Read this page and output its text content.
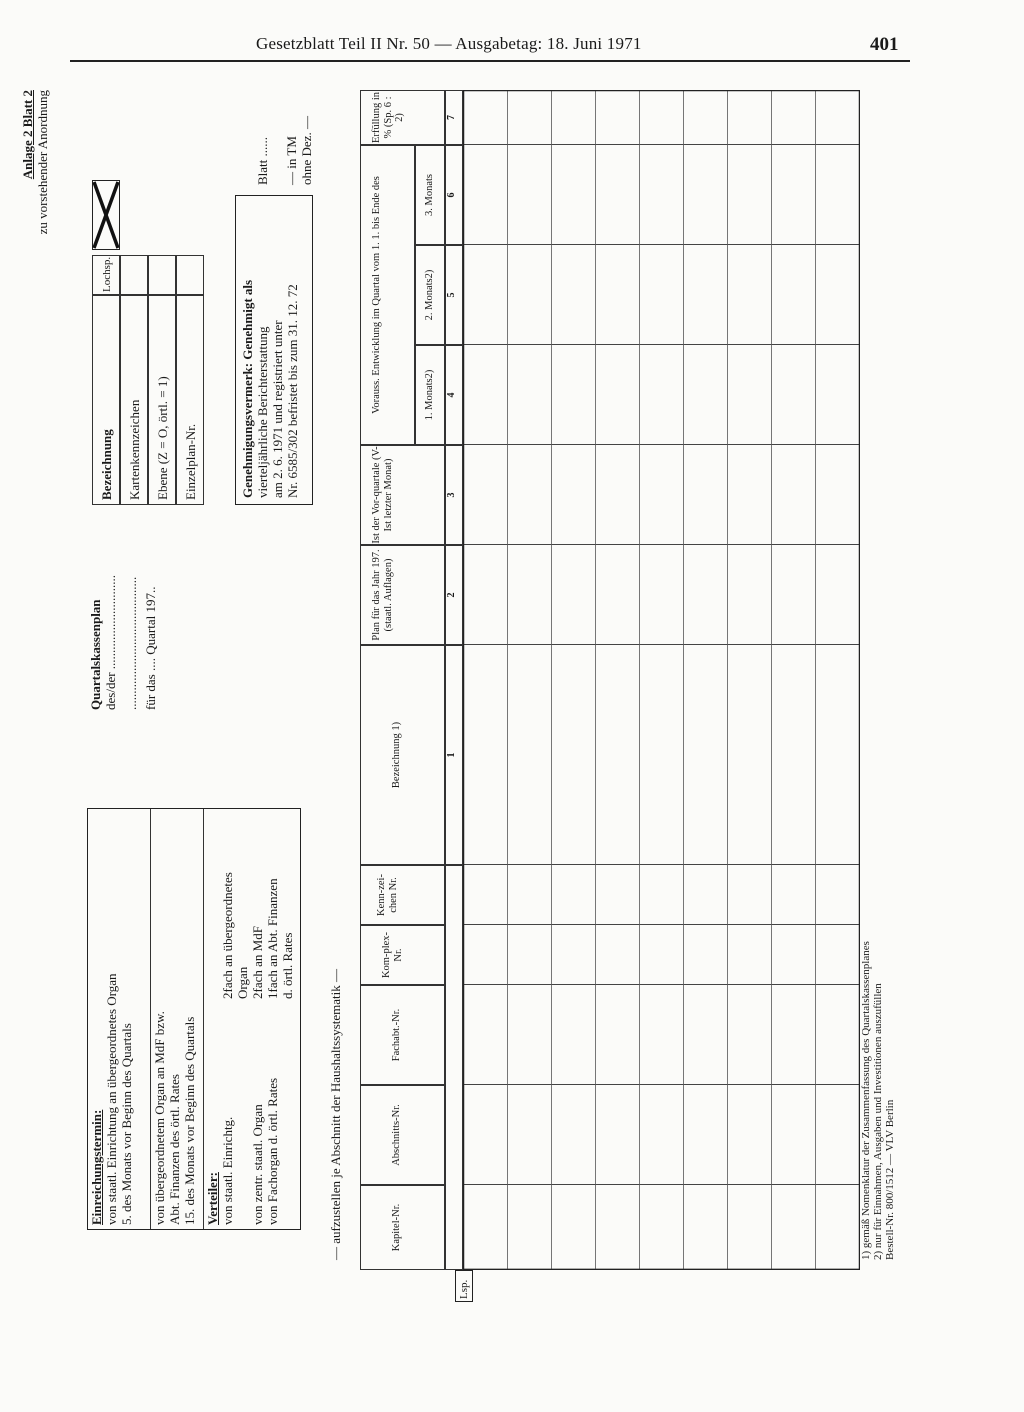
Gesetzblatt Teil II Nr. 50 — Ausgabetag: 18. Juni 1971	401
Einreichungstermin: von staatl. Einrichtung an übergeordnetes Organ 5. des Monats vor Beginn des Quartals von übergeordnetem Organ an MdF bzw. Abt. Finanzen des örtl. Rates 15. des Monats vor Beginn des Quartals Verteiler: von staatl. Einrichtg.
2fach an übergeordnetes Organ
von zentr. staatl. Organ
2fach an MdF
von Fachorgan d. örtl. Rates
1fach an Abt. Finanzen d. örtl. Rates
Quartalskassenplan des/der ............................. ......................................... für das .... Quartal 197..
Bezeichnung
Lochsp.
Kartenkennzeichen Ebene (Z = O, örtl. = 1) Einzelplan-Nr.
Anlage 2 Blatt 2 zu vorstehender Anordnung
Genehmigungsvermerk: Genehmigt als vierteljährliche Berichterstattung am 2. 6. 1971 und registriert unter Nr. 6585/302 befristet bis zum 31. 12. 72
Blatt ...... — in TM ohne Dez. —
— aufzustellen je Abschnitt der Haushaltssystematik —
Lsp.
Kapitel-Nr.
Abschnitts-Nr.
Fachabt.-Nr.
Kom-plex-Nr.
Kenn-zei-chen Nr.
Bezeichnung 1)
Plan für das Jahr 197. (staatl. Auflagen)
Ist der Vor-quartale (V-Ist letzter Monat)
Vorauss. Entwicklung im Quartal vom 1. 1. bis Ende des	1. Monats2)
2. Monats2)
3. Monats
Erfüllung in % (Sp. 6 : 2)
1
2
3
4
5
6
7
1) gemäß Nomenklatur der Zusammenfassung des Quartalskassenplanes 2) nur für Einnahmen, Ausgaben und Investitionen auszufüllen Bestell-Nr. 800/1512 — VLV Berlin
